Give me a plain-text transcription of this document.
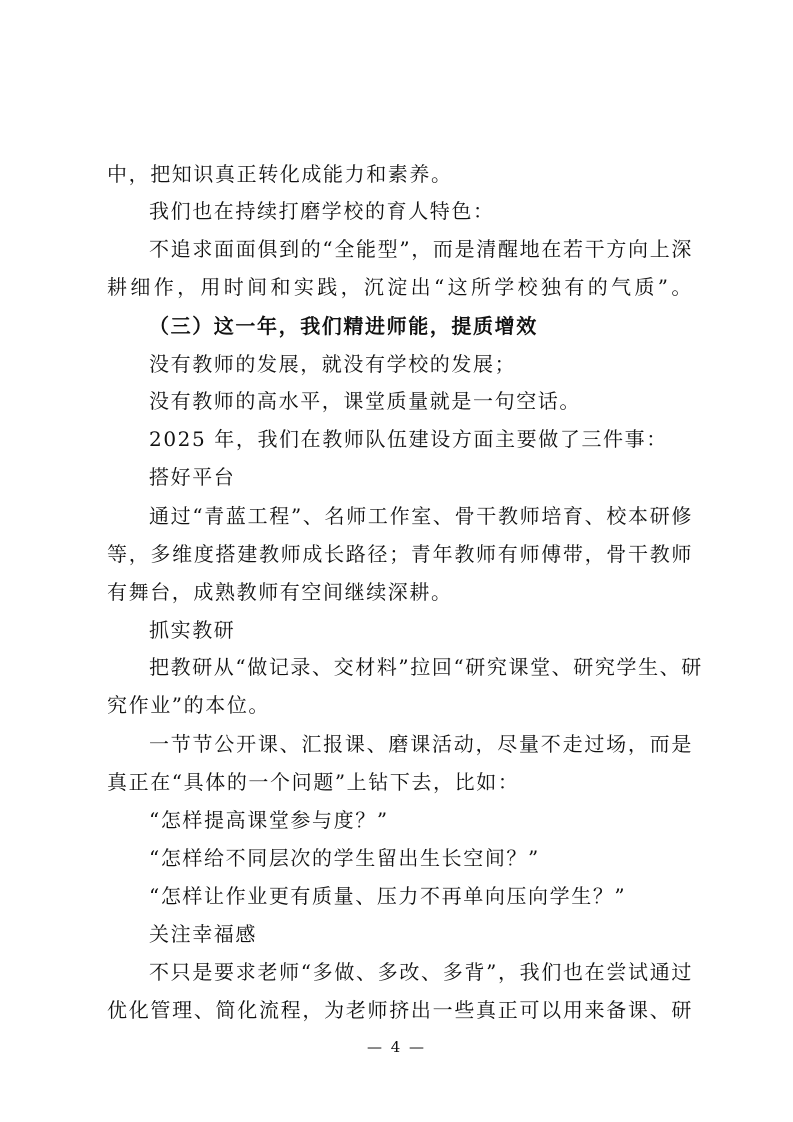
中，把知识真正转化成能力和素养。
我们也在持续打磨学校的育人特色：
不追求面面俱到的“全能型”，而是清醒地在若干方向上深
耕细作，用时间和实践，沉淀出“这所学校独有的气质”。
（三）这一年，我们精进师能，提质增效
没有教师的发展，就没有学校的发展；
没有教师的高水平，课堂质量就是一句空话。
2025 年，我们在教师队伍建设方面主要做了三件事：
搭好平台
通过“青蓝工程”、名师工作室、骨干教师培育、校本研修
等，多维度搭建教师成长路径；青年教师有师傅带，骨干教师
有舞台，成熟教师有空间继续深耕。
抓实教研
把教研从“做记录、交材料”拉回“研究课堂、研究学生、研
究作业”的本位。
一节节公开课、汇报课、磨课活动，尽量不走过场，而是
真正在“具体的一个问题”上钻下去，比如：
“怎样提高课堂参与度？”
“怎样给不同层次的学生留出生长空间？”
“怎样让作业更有质量、压力不再单向压向学生？”
关注幸福感
不只是要求老师“多做、多改、多背”，我们也在尝试通过
优化管理、简化流程，为老师挤出一些真正可以用来备课、研
— 4 —
